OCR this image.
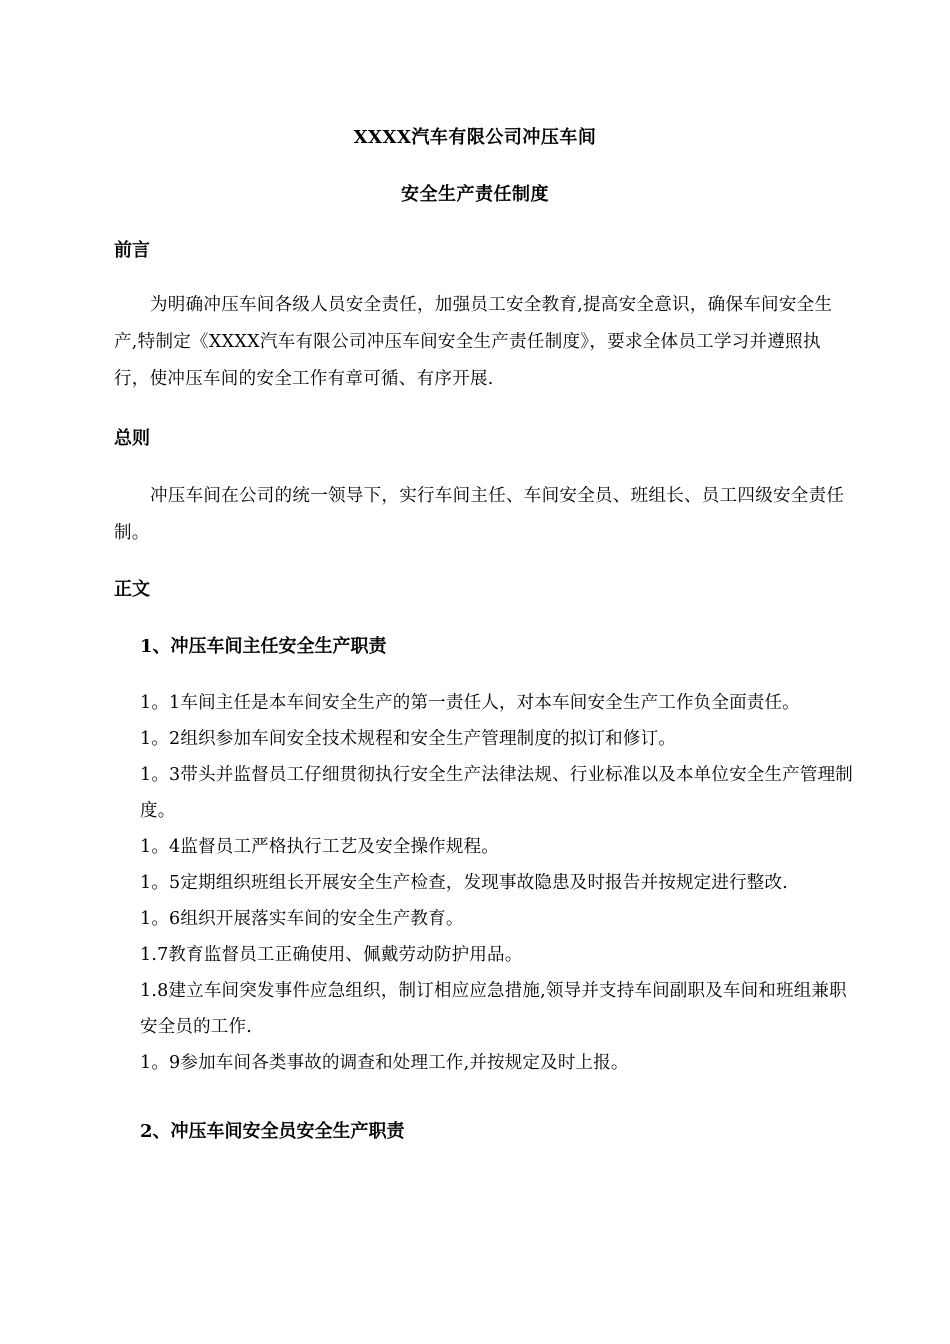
XXXX汽车有限公司冲压车间
安全生产责任制度
前言
为明确冲压车间各级人员安全责任，加强员工安全教育,提高安全意识，确保车间安全生产,特制定《XXXX汽车有限公司冲压车间安全生产责任制度》，要求全体员工学习并遵照执行，使冲压车间的安全工作有章可循、有序开展.
总则
冲压车间在公司的统一领导下，实行车间主任、车间安全员、班组长、员工四级安全责任制。
正文
1、冲压车间主任安全生产职责
1。1车间主任是本车间安全生产的第一责任人，对本车间安全生产工作负全面责任。
1。2组织参加车间安全技术规程和安全生产管理制度的拟订和修订。
1。3带头并监督员工仔细贯彻执行安全生产法律法规、行业标准以及本单位安全生产管理制度。
1。4监督员工严格执行工艺及安全操作规程。
1。5定期组织班组长开展安全生产检查，发现事故隐患及时报告并按规定进行整改.
1。6组织开展落实车间的安全生产教育。
1.7教育监督员工正确使用、佩戴劳动防护用品。
1.8建立车间突发事件应急组织，制订相应应急措施,领导并支持车间副职及车间和班组兼职安全员的工作.
1。9参加车间各类事故的调查和处理工作,并按规定及时上报。
2、冲压车间安全员安全生产职责
